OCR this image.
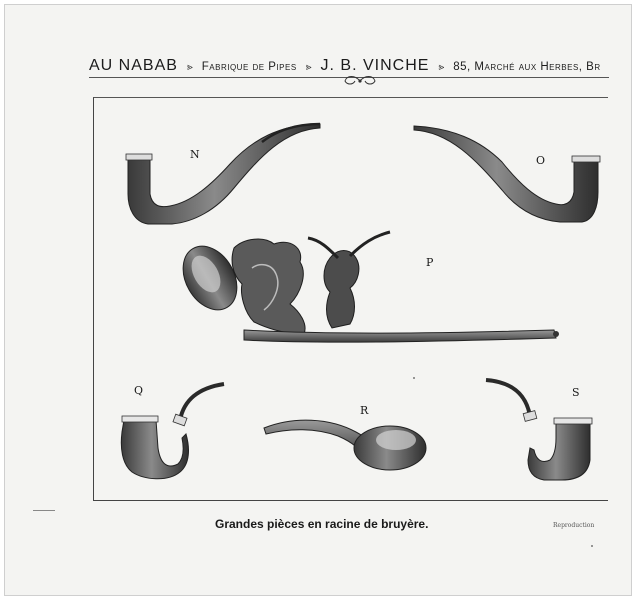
AU NABAB ⪢ Fabrique de Pipes ⪢ J. B. VINCHE ⪢ 85, Marché aux Herbes, Br
N	O
P
Q
R
S
Grandes pièces en racine de bruyère.	Reproduction
